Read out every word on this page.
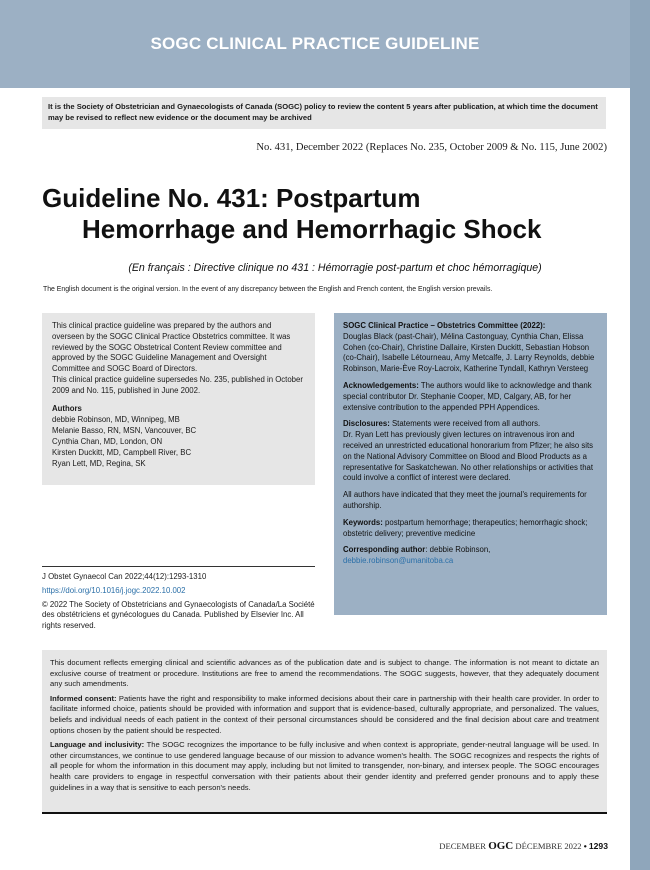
SOGC CLINICAL PRACTICE GUIDELINE
It is the Society of Obstetrician and Gynaecologists of Canada (SOGC) policy to review the content 5 years after publication, at which time the document may be revised to reflect new evidence or the document may be archived
No. 431, December 2022 (Replaces No. 235, October 2009 & No. 115, June 2002)
Guideline No. 431: Postpartum
Hemorrhage and Hemorrhagic Shock
(En français : Directive clinique no 431 : Hémorragie post-partum et choc hémorragique)
The English document is the original version. In the event of any discrepancy between the English and French content, the English version prevails.
This clinical practice guideline was prepared by the authors and overseen by the SOGC Clinical Practice Obstetrics committee. It was reviewed by the SOGC Obstetrical Content Review committee and approved by the SOGC Guideline Management and Oversight Committee and SOGC Board of Directors.
This clinical practice guideline supersedes No. 235, published in October 2009 and No. 115, published in June 2002.
Authors
debbie Robinson, MD, Winnipeg, MB
Melanie Basso, RN, MSN, Vancouver, BC
Cynthia Chan, MD, London, ON
Kirsten Duckitt, MD, Campbell River, BC
Ryan Lett, MD, Regina, SK
J Obstet Gynaecol Can 2022;44(12):1293-1310
https://doi.org/10.1016/j.jogc.2022.10.002
© 2022 The Society of Obstetricians and Gynaecologists of Canada/La Société des obstétriciens et gynécologues du Canada. Published by Elsevier Inc. All rights reserved.

SOGC Clinical Practice – Obstetrics Committee (2022):
Douglas Black (past-Chair), Mélina Castonguay, Cynthia Chan, Elissa Cohen (co-Chair), Christine Dallaire, Kirsten Duckitt, Sebastian Hobson (co-Chair), Isabelle Létourneau, Amy Metcalfe, J. Larry Reynolds, debbie Robinson, Marie-Ève Roy-Lacroix, Katherine Tyndall, Kathryn Versteeg

Acknowledgements: The authors would like to acknowledge and thank special contributor Dr. Stephanie Cooper, MD, Calgary, AB, for her extensive contribution to the appended PPH Appendices.

Disclosures: Statements were received from all authors.
Dr. Ryan Lett has previously given lectures on intravenous iron and received an unrestricted educational honorarium from Pfizer; he also sits on the National Advisory Committee on Blood and Blood Products as a representative for Saskatchewan. No other relationships or activities that could involve a conflict of interest were declared.

All authors have indicated that they meet the journal's requirements for authorship.

Keywords: postpartum hemorrhage; therapeutics; hemorrhagic shock; obstetric delivery; preventive medicine

Corresponding author: debbie Robinson,
debbie.robinson@umanitoba.ca

This document reflects emerging clinical and scientific advances as of the publication date and is subject to change. The information is not meant to dictate an exclusive course of treatment or procedure. Institutions are free to amend the recommendations. The SOGC suggests, however, that they adequately document any such amendments.

Informed consent: Patients have the right and responsibility to make informed decisions about their care in partnership with their health care provider. In order to facilitate informed choice, patients should be provided with information and support that is evidence-based, culturally appropriate, and personalized. The values, beliefs and individual needs of each patient in the context of their personal circumstances should be considered and the final decision about care and treatment options chosen by the patient should be respected.

Language and inclusivity: The SOGC recognizes the importance to be fully inclusive and when context is appropriate, gender-neutral language will be used. In other circumstances, we continue to use gendered language because of our mission to advance women's health. The SOGC recognizes and respects the rights of all people for whom the information in this document may apply, including but not limited to transgender, non-binary, and intersex people. The SOGC encourages health care providers to engage in respectful conversation with their patients about their gender identity and preferred gender pronouns and to apply these guidelines in a way that is sensitive to each person's needs.

DECEMBER OGC DÉCEMBRE 2022 • 1293
